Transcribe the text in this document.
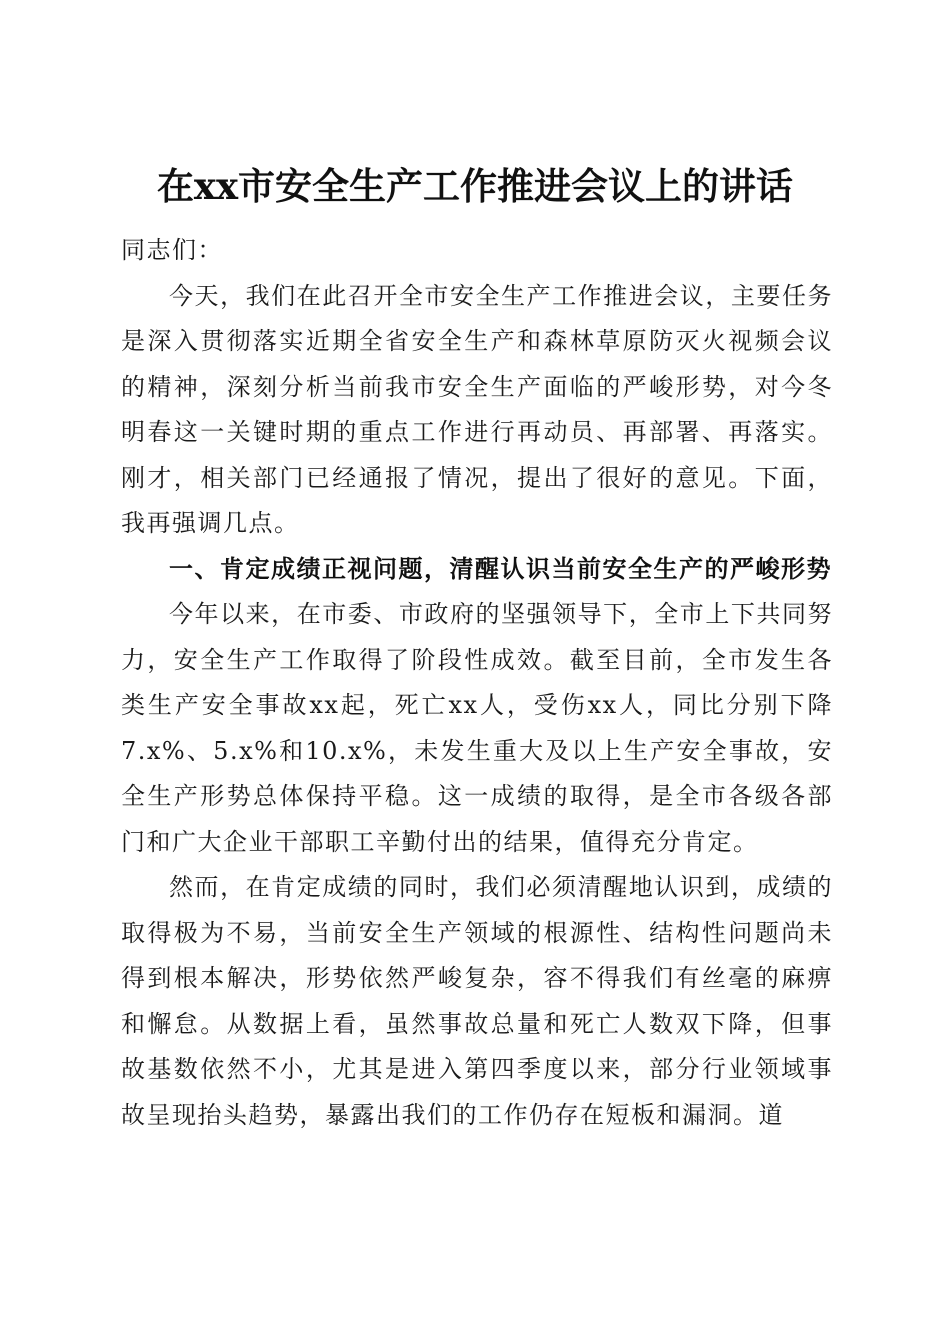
在xx市安全生产工作推进会议上的讲话

同志们：

今天，我们在此召开全市安全生产工作推进会议，主要任务是深入贯彻落实近期全省安全生产和森林草原防灭火视频会议的精神，深刻分析当前我市安全生产面临的严峻形势，对今冬明春这一关键时期的重点工作进行再动员、再部署、再落实。刚才，相关部门已经通报了情况，提出了很好的意见。下面，我再强调几点。

一、肯定成绩正视问题，清醒认识当前安全生产的严峻形势

今年以来，在市委、市政府的坚强领导下，全市上下共同努力，安全生产工作取得了阶段性成效。截至目前，全市发生各类生产安全事故xx起，死亡xx人，受伤xx人，同比分别下降7.x%、5.x%和10.x%，未发生重大及以上生产安全事故，安全生产形势总体保持平稳。这一成绩的取得，是全市各级各部门和广大企业干部职工辛勤付出的结果，值得充分肯定。

然而，在肯定成绩的同时，我们必须清醒地认识到，成绩的取得极为不易，当前安全生产领域的根源性、结构性问题尚未得到根本解决，形势依然严峻复杂，容不得我们有丝毫的麻痹和懈怠。从数据上看，虽然事故总量和死亡人数双下降，但事故基数依然不小，尤其是进入第四季度以来，部分行业领域事故呈现抬头趋势，暴露出我们的工作仍存在短板和漏洞。道
